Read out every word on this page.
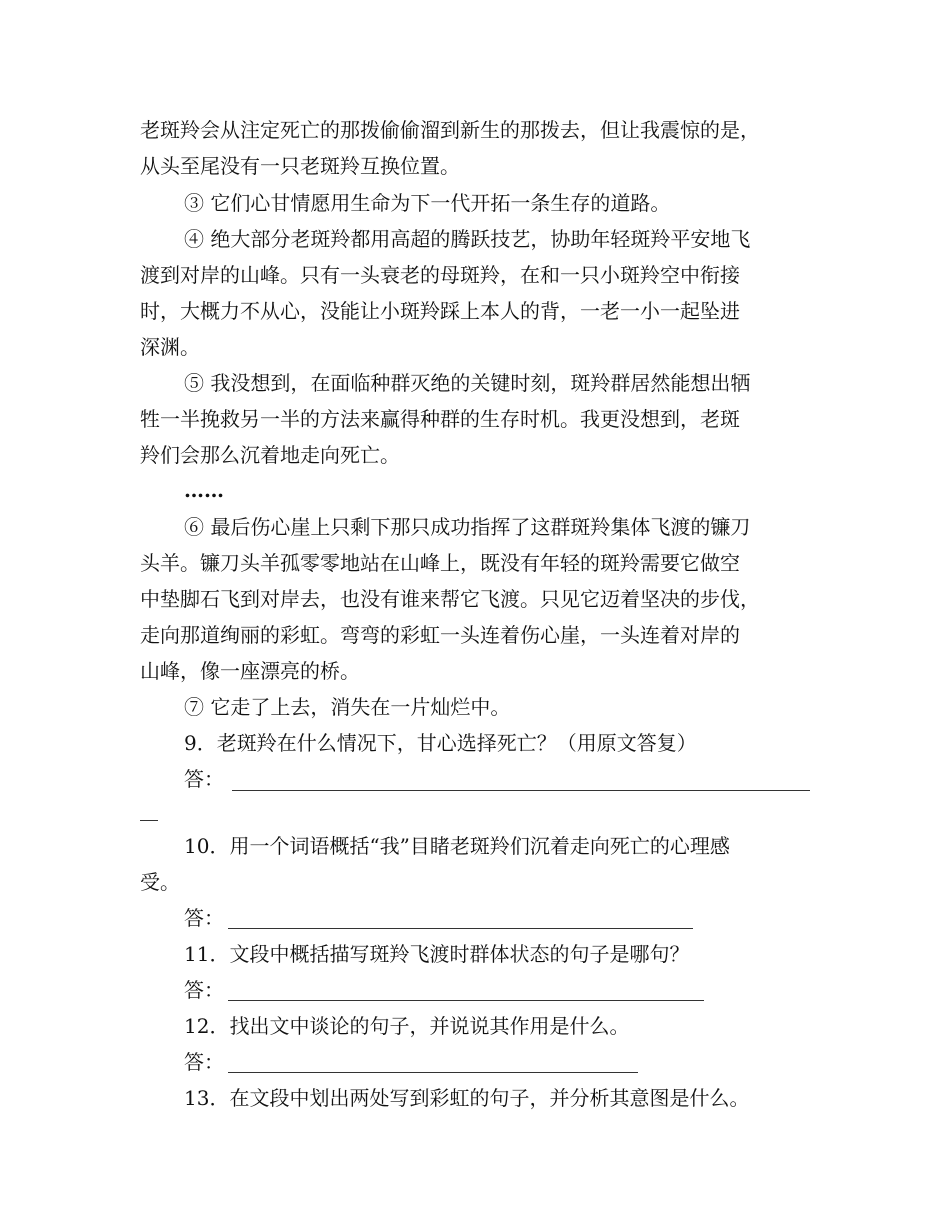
老斑羚会从注定死亡的那拨偷偷溜到新生的那拨去，但让我震惊的是，
从头至尾没有一只老斑羚互换位置。
③ 它们心甘情愿用生命为下一代开拓一条生存的道路。
④ 绝大部分老斑羚都用高超的腾跃技艺，协助年轻斑羚平安地飞
渡到对岸的山峰。只有一头衰老的母斑羚，在和一只小斑羚空中衔接
时，大概力不从心，没能让小斑羚踩上本人的背，一老一小一起坠进
深渊。
⑤ 我没想到，在面临种群灭绝的关键时刻，斑羚群居然能想出牺
牲一半挽救另一半的方法来赢得种群的生存时机。我更没想到，老斑
羚们会那么沉着地走向死亡。
……
⑥ 最后伤心崖上只剩下那只成功指挥了这群斑羚集体飞渡的镰刀
头羊。镰刀头羊孤零零地站在山峰上，既没有年轻的斑羚需要它做空
中垫脚石飞到对岸去，也没有谁来帮它飞渡。只见它迈着坚决的步伐，
走向那道绚丽的彩虹。弯弯的彩虹一头连着伤心崖，一头连着对岸的
山峰，像一座漂亮的桥。
⑦ 它走了上去，消失在一片灿烂中。
9．老斑羚在什么情况下，甘心选择死亡？（用原文答复）
答：
10．用一个词语概括“我”目睹老斑羚们沉着走向死亡的心理感
受。
答：
11．文段中概括描写斑羚飞渡时群体状态的句子是哪句？
答：
12．找出文中谈论的句子，并说说其作用是什么。
答：
13．在文段中划出两处写到彩虹的句子，并分析其意图是什么。
